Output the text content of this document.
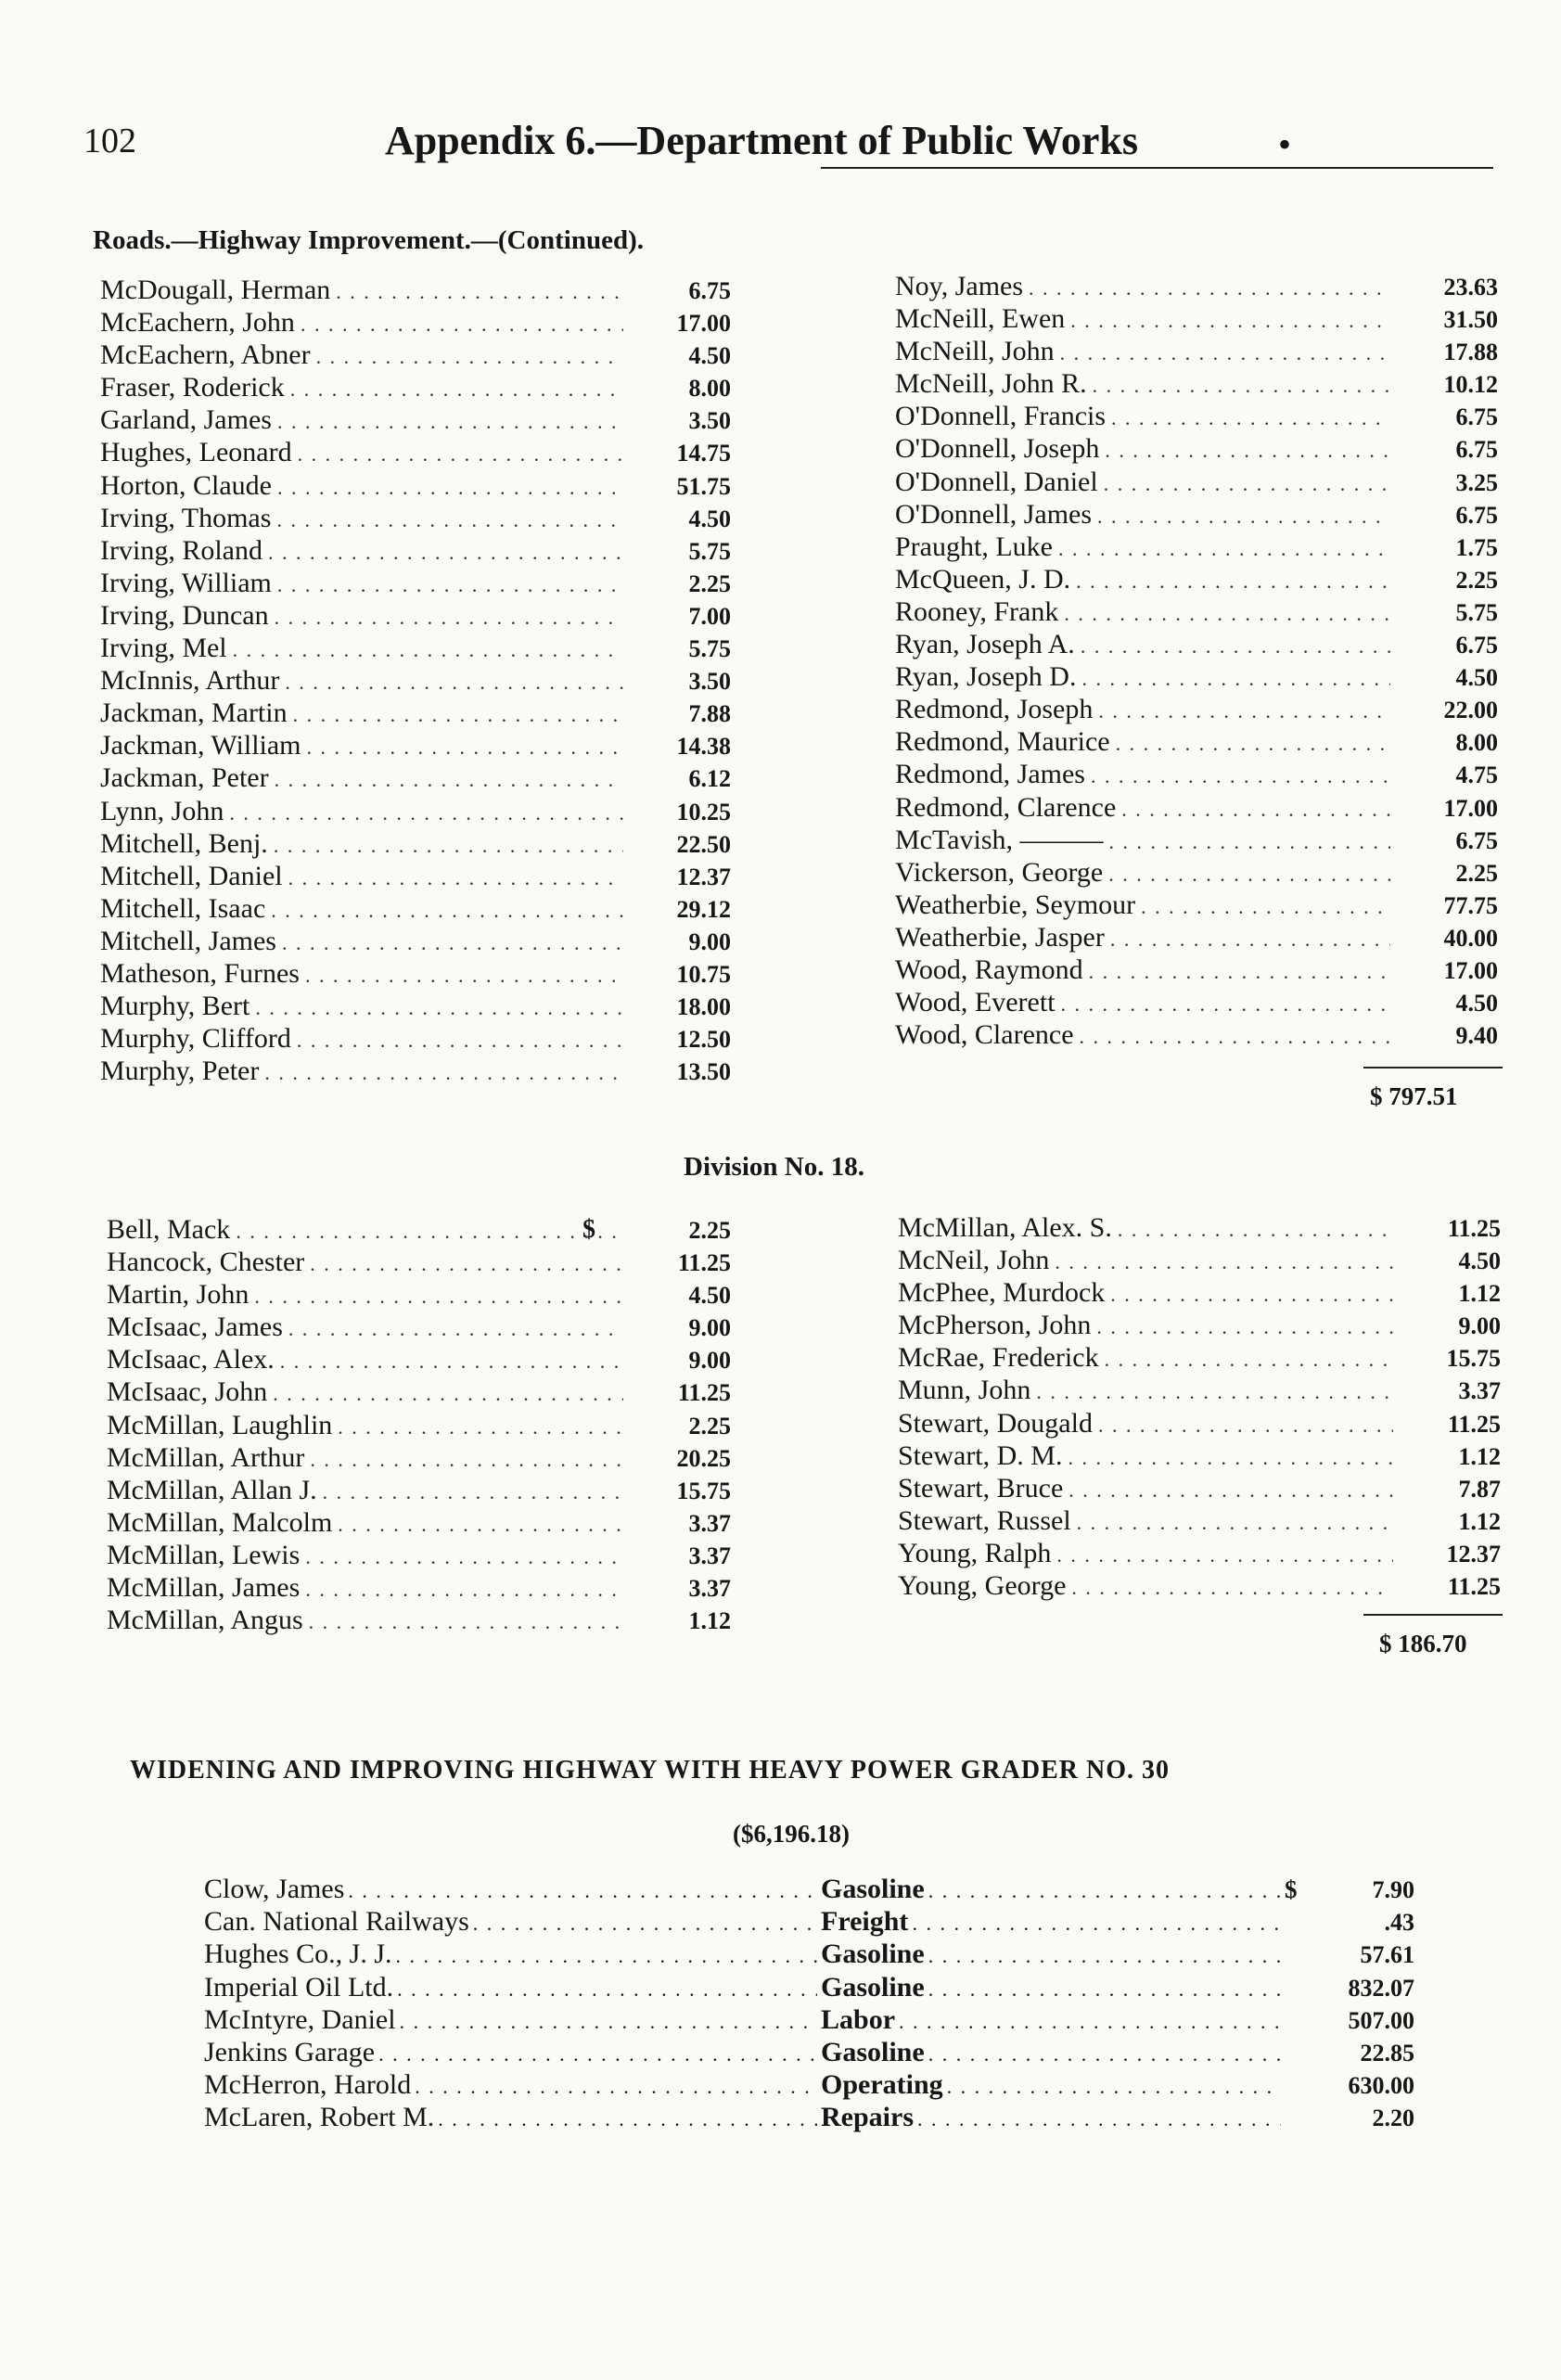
102	Appendix 6.—Department of Public Works	•
Roads.—Highway Improvement.—(Continued).
McDougall, Herman . . .	6.75
McEachern, John . . .	17.00
McEachern, Abner . . .	4.50
Fraser, Roderick . . .	8.00
Garland, James . . .	3.50
Hughes, Leonard . . .	14.75
Horton, Claude . . .	51.75
Irving, Thomas . . .	4.50
Irving, Roland . . .	5.75
Irving, William . . .	2.25
Irving, Duncan . . .	7.00
Irving, Mel . . .	5.75
McInnis, Arthur . . .	3.50
Jackman, Martin . . .	7.88
Jackman, William . . .	14.38
Jackman, Peter . . .	6.12
Lynn, John . . .	10.25
Mitchell, Benj. . . .	22.50
Mitchell, Daniel . . .	12.37
Mitchell, Isaac . . .	29.12
Mitchell, James . . .	9.00
Matheson, Furnes . . .	10.75
Murphy, Bert . . .	18.00
Murphy, Clifford . . .	12.50
Murphy, Peter . . .	13.50
Noy, James . . .	23.63
McNeill, Ewen . . .	31.50
McNeill, John . . .	17.88
McNeill, John R. . . .	10.12
O'Donnell, Francis . . .	6.75
O'Donnell, Joseph . . .	6.75
O'Donnell, Daniel . . .	3.25
O'Donnell, James . . .	6.75
Praught, Luke . . .	1.75
McQueen, J. D. . . .	2.25
Rooney, Frank . . .	5.75
Ryan, Joseph A. . . .	6.75
Ryan, Joseph D. . . .	4.50
Redmond, Joseph . . .	22.00
Redmond, Maurice . . .	8.00
Redmond, James . . .	4.75
Redmond, Clarence . . .	17.00
McTavish, ——— . . .	6.75
Vickerson, George . . .	2.25
Weatherbie, Seymour . . .	77.75
Weatherbie, Jasper . . .	40.00
Wood, Raymond . . .	17.00
Wood, Everett . . .	4.50
Wood, Clarence . . .	9.40
$ 797.51
Division No. 18.
$
Bell, Mack . . .	2.25
Hancock, Chester . . .	11.25
Martin, John . . .	4.50
McIsaac, James . . .	9.00
McIsaac, Alex. . . .	9.00
McIsaac, John . . .	11.25
McMillan, Laughlin . . .	2.25
McMillan, Arthur . . .	20.25
McMillan, Allan J. . . .	15.75
McMillan, Malcolm . . .	3.37
McMillan, Lewis . . .	3.37
McMillan, James . . .	3.37
McMillan, Angus . . .	1.12
McMillan, Alex. S. . . .	11.25
McNeil, John . . .	4.50
McPhee, Murdock . . .	1.12
McPherson, John . . .	9.00
McRae, Frederick . . .	15.75
Munn, John . . .	3.37
Stewart, Dougald . . .	11.25
Stewart, D. M. . . .	1.12
Stewart, Bruce . . .	7.87
Stewart, Russel . . .	1.12
Young, Ralph . . .	12.37
Young, George . . .	11.25
$ 186.70
WIDENING AND IMPROVING HIGHWAY WITH HEAVY POWER GRADER NO. 30
($6,196.18)
Clow, James . . .	Gasoline . . .	$	7.90
Can. National Railways . . .	Freight . . .	.43
Hughes Co., J. J. . . .	Gasoline . . .	57.61
Imperial Oil Ltd. . . .	Gasoline . . .	832.07
McIntyre, Daniel . . .	Labor . . .	507.00
Jenkins Garage . . .	Gasoline . . .	22.85
McHerron, Harold . . .	Operating . . .	630.00
McLaren, Robert M. . . .	Repairs . . .	2.20
